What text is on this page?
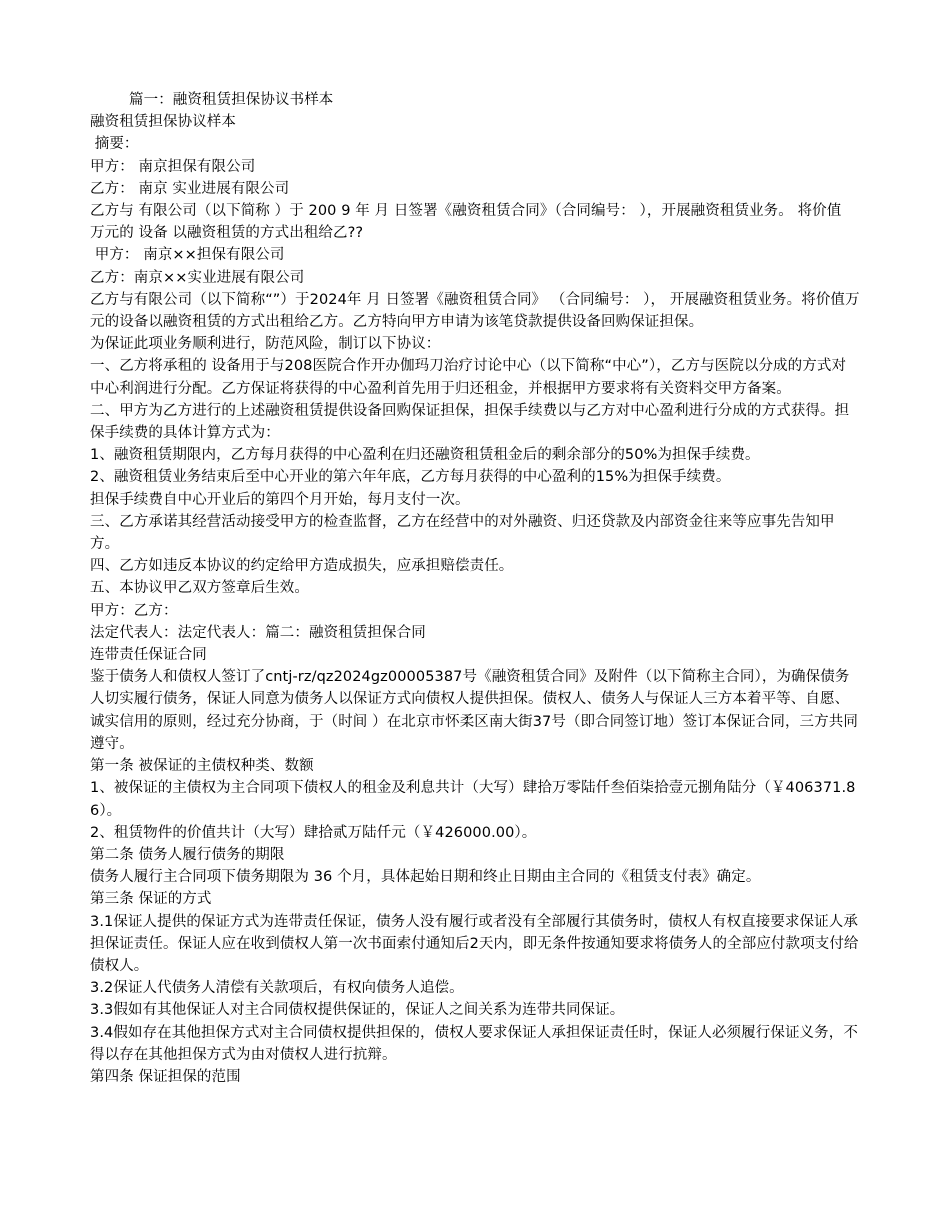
篇一：融资租赁担保协议书样本

融资租赁担保协议样本

摘要：

甲方： 南京担保有限公司

乙方： 南京 实业进展有限公司

乙方与 有限公司（以下简称 ）于 200 9 年 月 日签署《融资租赁合同》（合同编号： ），开展融资租赁业务。 将价值 万元的 设备 以融资租赁的方式出租给乙??

甲方： 南京××担保有限公司

乙方：南京××实业进展有限公司

乙方与有限公司（以下简称“”）于2024年 月 日签署《融资租赁合同》 （合同编号： ）， 开展融资租赁业务。将价值万元的设备以融资租赁的方式出租给乙方。乙方特向甲方申请为该笔贷款提供设备回购保证担保。

为保证此项业务顺利进行，防范风险，制订以下协议：

一、乙方将承租的 设备用于与208医院合作开办伽玛刀治疗讨论中心（以下简称“中心”），乙方与医院以分成的方式对中心利润进行分配。乙方保证将获得的中心盈利首先用于归还租金，并根据甲方要求将有关资料交甲方备案。

二、甲方为乙方进行的上述融资租赁提供设备回购保证担保，担保手续费以与乙方对中心盈利进行分成的方式获得。担保手续费的具体计算方式为：

1、融资租赁期限内，乙方每月获得的中心盈利在归还融资租赁租金后的剩余部分的50%为担保手续费。

2、融资租赁业务结束后至中心开业的第六年年底，乙方每月获得的中心盈利的15%为担保手续费。

担保手续费自中心开业后的第四个月开始，每月支付一次。

三、乙方承诺其经营活动接受甲方的检查监督，乙方在经营中的对外融资、归还贷款及内部资金往来等应事先告知甲方。

四、乙方如违反本协议的约定给甲方造成损失，应承担赔偿责任。

五、本协议甲乙双方签章后生效。

甲方：乙方：

法定代表人：法定代表人：篇二：融资租赁担保合同

连带责任保证合同

鉴于债务人和债权人签订了cntj-rz/qz2024gz00005387号《融资租赁合同》及附件（以下简称主合同），为确保债务人切实履行债务，保证人同意为债务人以保证方式向债权人提供担保。债权人、债务人与保证人三方本着平等、自愿、诚实信用的原则，经过充分协商，于（时间 ）在北京市怀柔区南大街37号（即合同签订地）签订本保证合同，三方共同遵守。

第一条 被保证的主债权种类、数额

1、被保证的主债权为主合同项下债权人的租金及利息共计（大写）肆拾万零陆仟叁佰柒拾壹元捌角陆分（￥406371.86）。

2、租赁物件的价值共计（大写）肆拾贰万陆仟元（￥426000.00）。

第二条 债务人履行债务的期限

债务人履行主合同项下债务期限为 36 个月，具体起始日期和终止日期由主合同的《租赁支付表》确定。

第三条 保证的方式

3.1保证人提供的保证方式为连带责任保证，债务人没有履行或者没有全部履行其债务时，债权人有权直接要求保证人承担保证责任。保证人应在收到债权人第一次书面索付通知后2天内，即无条件按通知要求将债务人的全部应付款项支付给债权人。

3.2保证人代债务人清偿有关款项后，有权向债务人追偿。

3.3假如有其他保证人对主合同债权提供保证的，保证人之间关系为连带共同保证。

3.4假如存在其他担保方式对主合同债权提供担保的，债权人要求保证人承担保证责任时，保证人必须履行保证义务，不得以存在其他担保方式为由对债权人进行抗辩。

第四条 保证担保的范围
